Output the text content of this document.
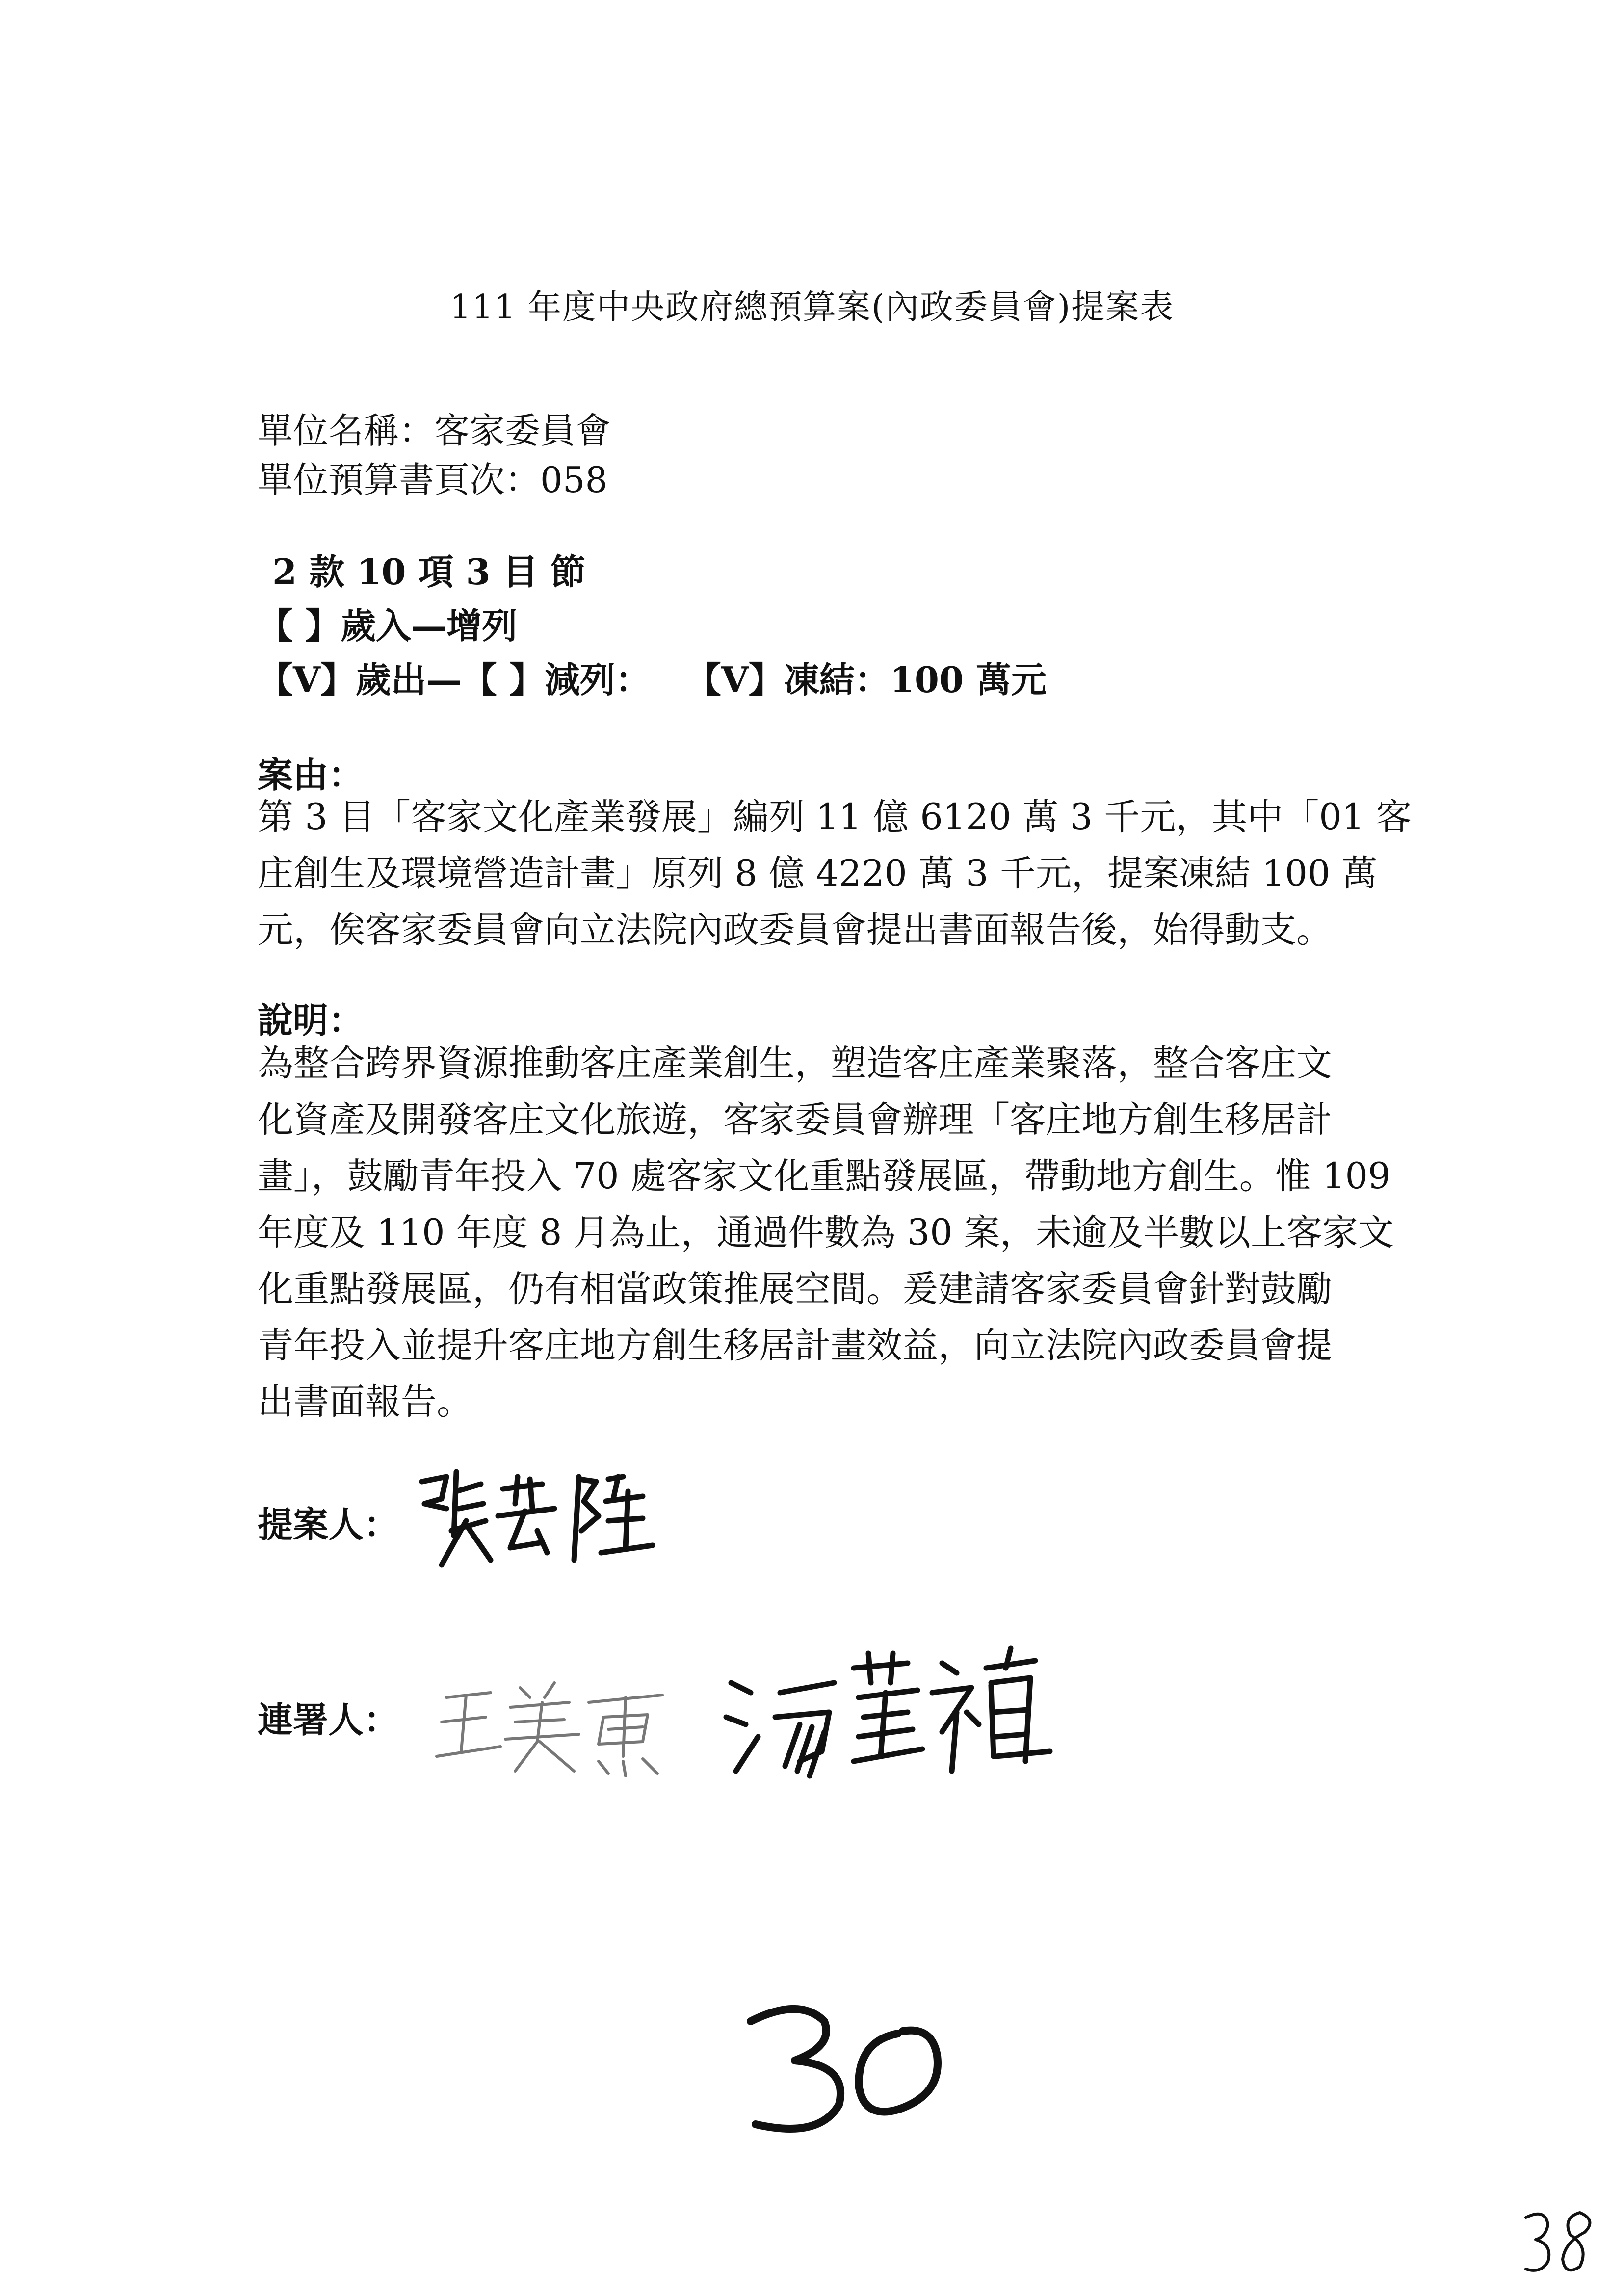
111 年度中央政府總預算案(內政委員會)提案表
單位名稱：客家委員會
單位預算書頁次：058
2 款 10 項 3 目 節
【 】歲入—增列
【V】歲出—【 】減列：　　【V】凍結：100 萬元
案由：

第 3 目「客家文化產業發展」編列 11 億 6120 萬 3 千元，其中「01 客
庄創生及環境營造計畫」原列 8 億 4220 萬 3 千元，提案凍結 100 萬
元，俟客家委員會向立法院內政委員會提出書面報告後，始得動支。

說明：

為整合跨界資源推動客庄產業創生，塑造客庄產業聚落，整合客庄文
化資產及開發客庄文化旅遊，客家委員會辦理「客庄地方創生移居計
畫」，鼓勵青年投入 70 處客家文化重點發展區，帶動地方創生。惟 109
年度及 110 年度 8 月為止，通過件數為 30 案，未逾及半數以上客家文
化重點發展區，仍有相當政策推展空間。爰建請客家委員會針對鼓勵
青年投入並提升客庄地方創生移居計畫效益，向立法院內政委員會提
出書面報告。

提案人：
連署人：
